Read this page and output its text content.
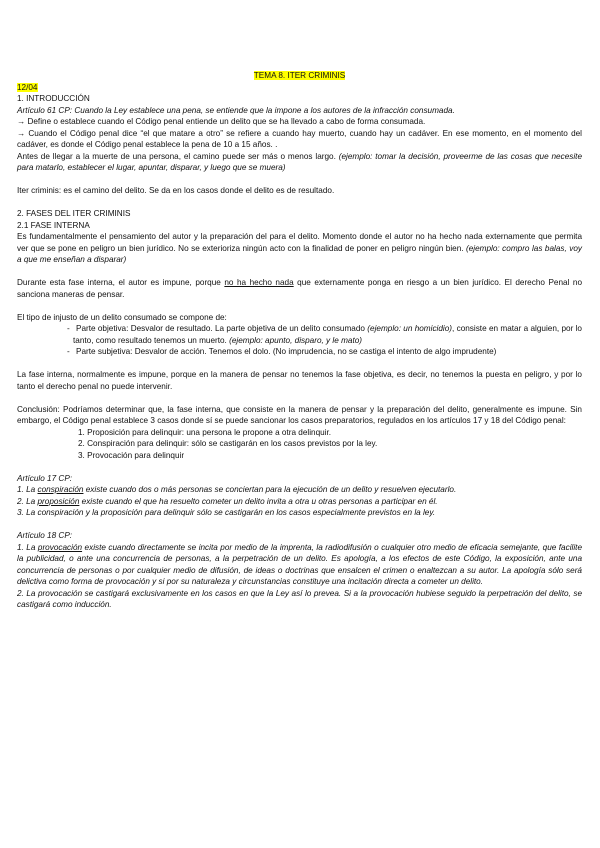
TEMA 8. ITER CRIMINIS

12/04

1. INTRODUCCIÓN

Artículo 61 CP: Cuando la Ley establece una pena, se entiende que la impone a los autores de la infracción consumada.

→ Define o establece cuando el Código penal entiende un delito que se ha llevado a cabo de forma consumada.

→ Cuando el Código penal dice “el que matare a otro” se refiere a cuando hay muerto, cuando hay un cadáver. En ese momento, en el momento del cadáver, es donde el Código penal establece la pena de 10 a 15 años. .

Antes de llegar a la muerte de una persona, el camino puede ser más o menos largo. (ejemplo: tomar la decisión, proveerme de las cosas que necesite para matarlo, establecer el lugar, apuntar, disparar, y luego que se muera)

Iter criminis: es el camino del delito. Se da en los casos donde el delito es de resultado.

2. FASES DEL ITER CRIMINIS

2.1 FASE INTERNA

Es fundamentalmente el pensamiento del autor y la preparación del para el delito. Momento donde el autor no ha hecho nada externamente que permita ver que se pone en peligro un bien jurídico. No se exterioriza ningún acto con la finalidad de poner en peligro ningún bien. (ejemplo: compro las balas, voy a que me enseñan a disparar)

Durante esta fase interna, el autor es impune, porque no ha hecho nada que externamente ponga en riesgo a un bien jurídico. El derecho Penal no sanciona maneras de pensar.

El tipo de injusto de un delito consumado se compone de:

- Parte objetiva: Desvalor de resultado. La parte objetiva de un delito consumado (ejemplo: un homicidio), consiste en matar a alguien, por lo tanto, como resultado tenemos un muerto. (ejemplo: apunto, disparo, y le mato)

- Parte subjetiva: Desvalor de acción. Tenemos el dolo. (No imprudencia, no se castiga el intento de algo imprudente)

La fase interna, normalmente es impune, porque en la manera de pensar no tenemos la fase objetiva, es decir, no tenemos la puesta en peligro, y por lo tanto el derecho penal no puede intervenir.

Conclusión: Podríamos determinar que, la fase interna, que consiste en la manera de pensar y la preparación del delito, generalmente es impune. Sin embargo, el Código penal establece 3 casos donde sí se puede sancionar los casos preparatorios, regulados en los artículos 17 y 18 del Código penal:

1. Proposición para delinquir: una persona le propone a otra delinquir.

2. Conspiración para delinquir: sólo se castigarán en los casos previstos por la ley.

3. Provocación para delinquir

Artículo 17 CP:

1. La conspiración existe cuando dos o más personas se conciertan para la ejecución de un delito y resuelven ejecutarlo.

2. La proposición existe cuando el que ha resuelto cometer un delito invita a otra u otras personas a participar en él.

3. La conspiración y la proposición para delinquir sólo se castigarán en los casos especialmente previstos en la ley.

Artículo 18 CP:

1. La provocación existe cuando directamente se incita por medio de la imprenta, la radiodifusión o cualquier otro medio de eficacia semejante, que facilite la publicidad, o ante una concurrencia de personas, a la perpetración de un delito. Es apología, a los efectos de este Código, la exposición, ante una concurrencia de personas o por cualquier medio de difusión, de ideas o doctrinas que ensalcen el crimen o enaltezcan a su autor. La apología sólo será delictiva como forma de provocación y si por su naturaleza y circunstancias constituye una incitación directa a cometer un delito.

2. La provocación se castigará exclusivamente en los casos en que la Ley así lo prevea. Si a la provocación hubiese seguido la perpetración del delito, se castigará como inducción.
